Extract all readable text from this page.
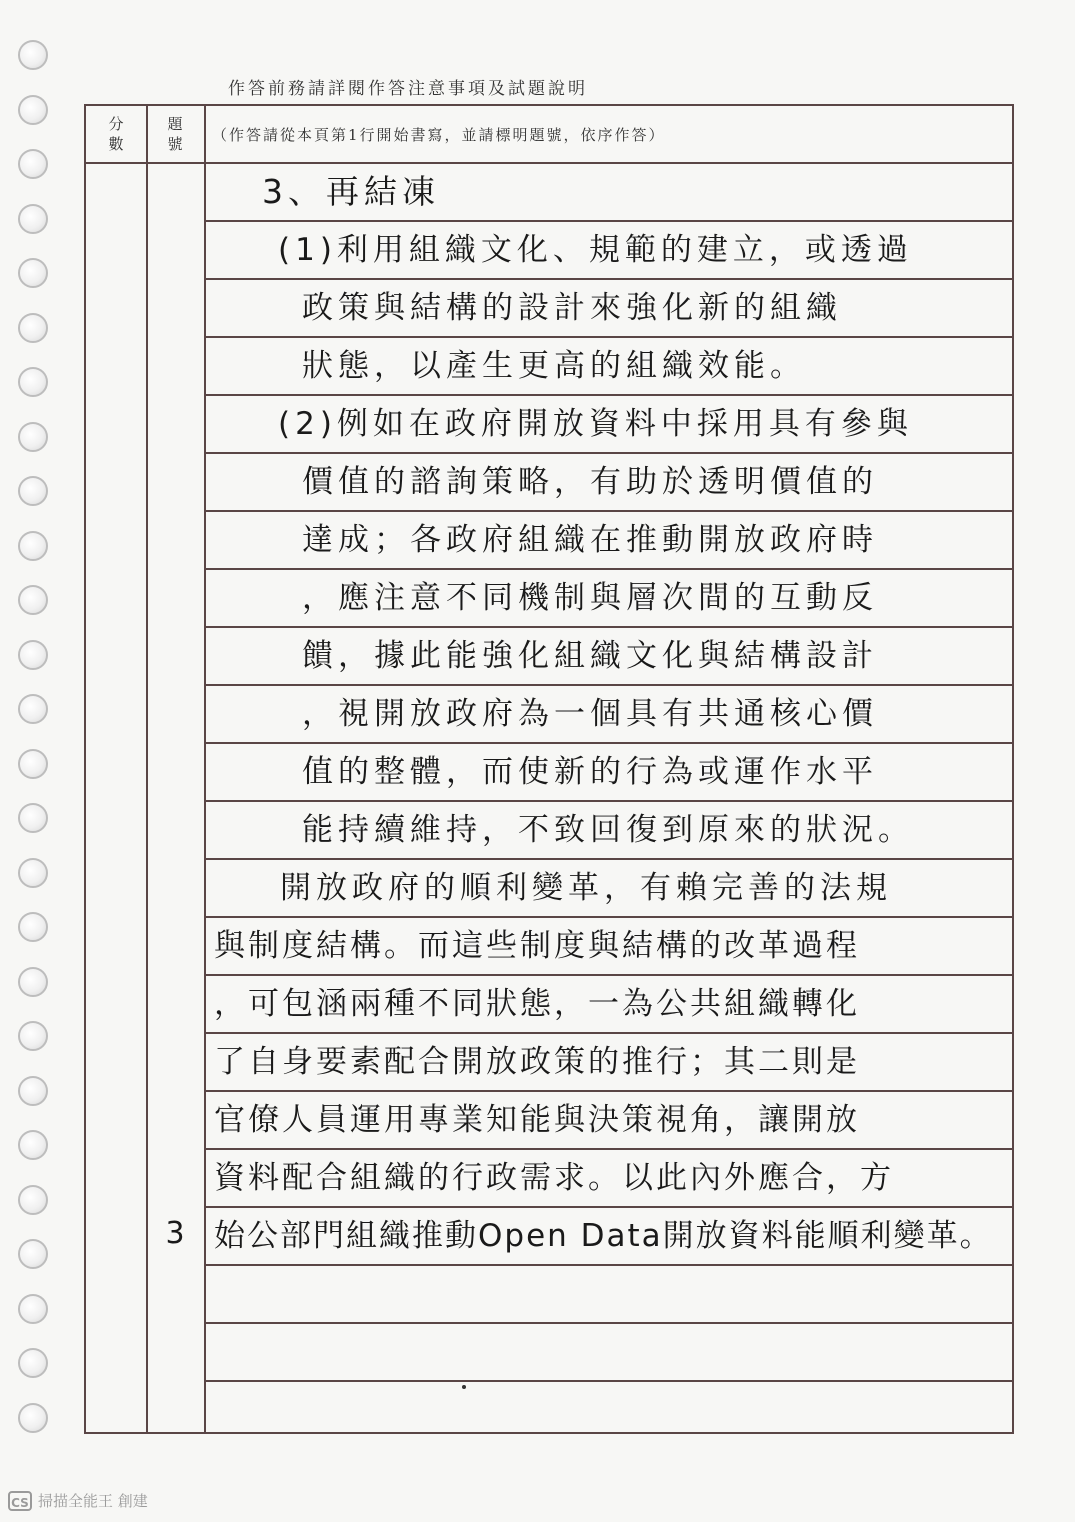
作答前務請詳閱作答注意事項及試題說明
分數
題號
（作答請從本頁第1行開始書寫，並請標明題號，依序作答）
3、再結凍
(1)利用組織文化、規範的建立，或透過
政策與結構的設計來強化新的組織
狀態，以產生更高的組織效能。
(2)例如在政府開放資料中採用具有參與
價值的諮詢策略，有助於透明價值的
達成；各政府組織在推動開放政府時
，應注意不同機制與層次間的互動反
饋，據此能強化組織文化與結構設計
，視開放政府為一個具有共通核心價
值的整體，而使新的行為或運作水平
能持續維持，不致回復到原來的狀況。
開放政府的順利變革，有賴完善的法規
與制度結構。而這些制度與結構的改革過程
，可包涵兩種不同狀態，一為公共組織轉化
了自身要素配合開放政策的推行；其二則是
官僚人員運用專業知能與決策視角，讓開放
資料配合組織的行政需求。以此內外應合，方
始公部門組織推動Open Data開放資料能順利變革。
3
CS 掃描全能王 創建
